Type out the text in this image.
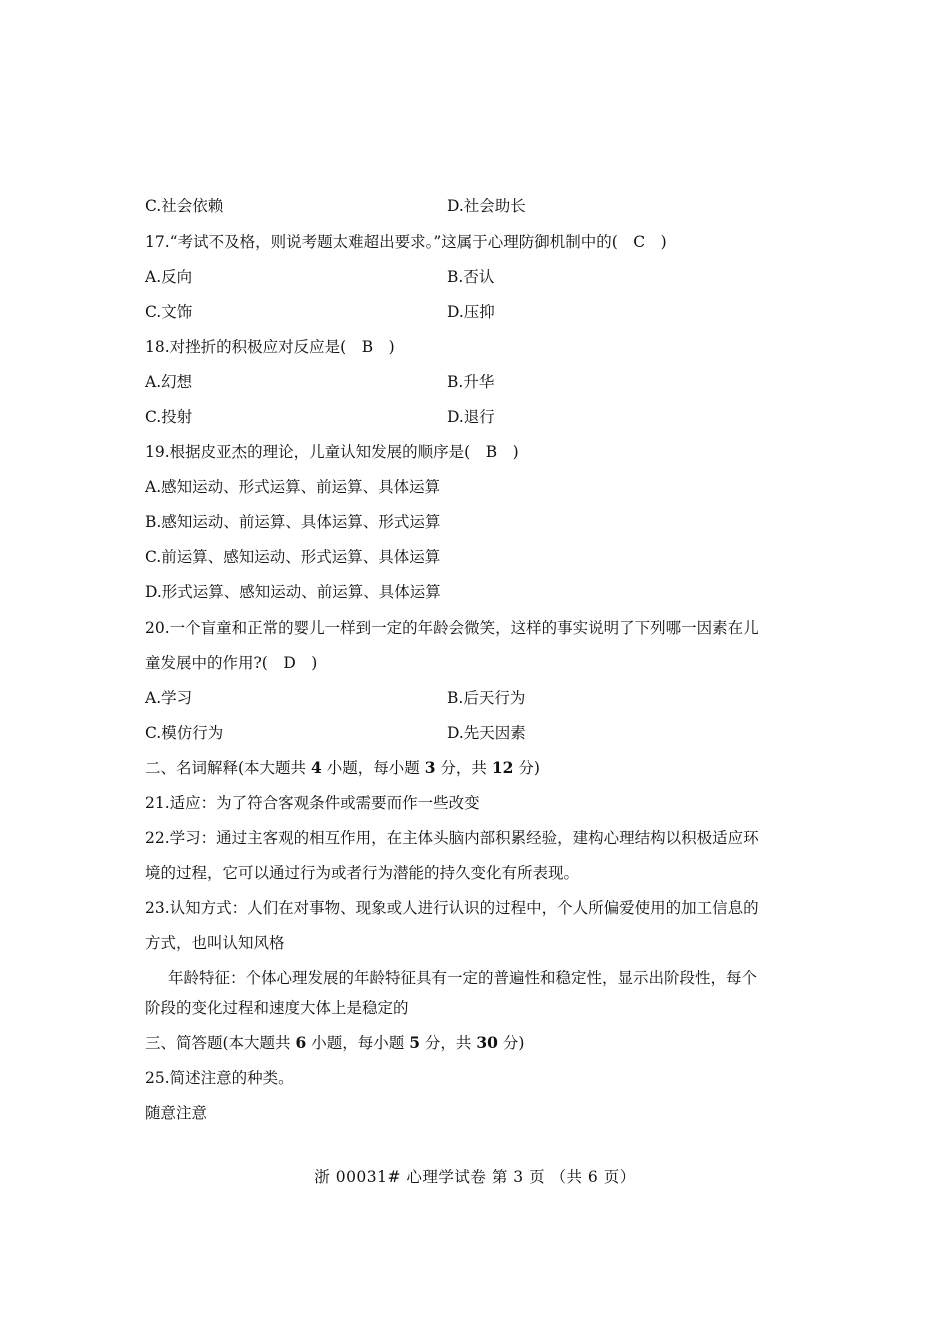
C.社会依赖	D.社会助长
17.“考试不及格，则说考题太难超出要求。”这属于心理防御机制中的(　C　)
A.反向	B.否认
C.文饰	D.压抑
18.对挫折的积极应对反应是(　B　)
A.幻想	B.升华
C.投射	D.退行
19.根据皮亚杰的理论，儿童认知发展的顺序是(　B　)
A.感知运动、形式运算、前运算、具体运算
B.感知运动、前运算、具体运算、形式运算
C.前运算、感知运动、形式运算、具体运算
D.形式运算、感知运动、前运算、具体运算
20.一个盲童和正常的婴儿一样到一定的年龄会微笑，这样的事实说明了下列哪一因素在儿
童发展中的作用?(　D　)
A.学习	B.后天行为
C.模仿行为	D.先天因素
二、名词解释(本大题共 4 小题，每小题 3 分，共 12 分)
21.适应：为了符合客观条件或需要而作一些改变
22.学习：通过主客观的相互作用，在主体头脑内部积累经验，建构心理结构以积极适应环
境的过程，它可以通过行为或者行为潜能的持久变化有所表现。
23.认知方式：人们在对事物、现象或人进行认识的过程中，个人所偏爱使用的加工信息的
方式，也叫认知风格
年龄特征：个体心理发展的年龄特征具有一定的普遍性和稳定性，显示出阶段性，每个
阶段的变化过程和速度大体上是稳定的
三、简答题(本大题共 6 小题，每小题 5 分，共 30 分)
25.简述注意的种类。
随意注意
浙 00031# 心理学试卷 第 3 页 （共 6 页）
